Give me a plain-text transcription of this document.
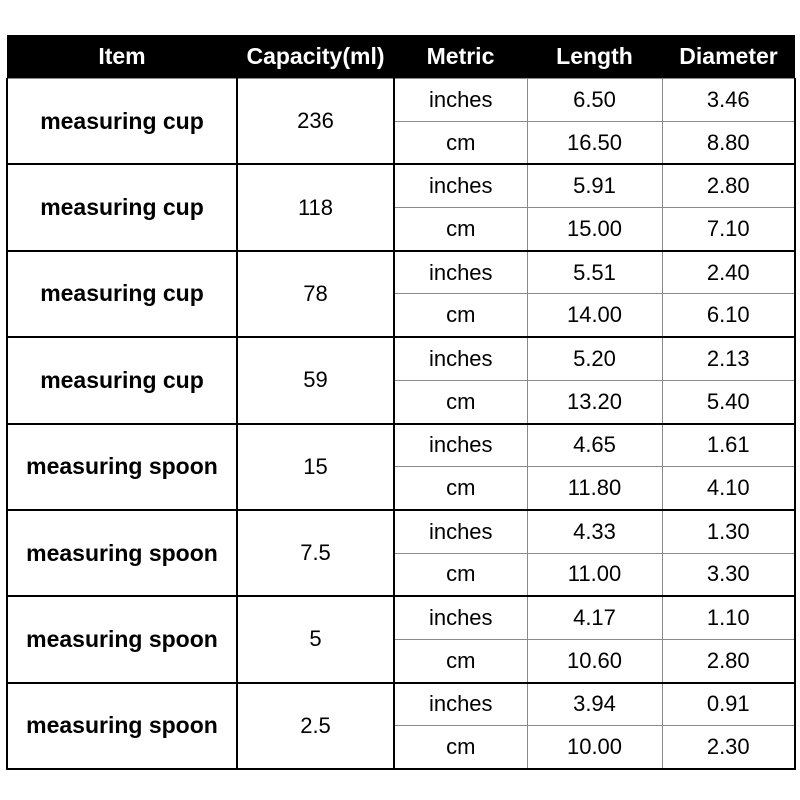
Item	Capacity(ml)	Metric	Length	Diameter
measuring cup	236	inches	6.50	3.46
		cm	16.50	8.80
measuring cup	118	inches	5.91	2.80
		cm	15.00	7.10
measuring cup	78	inches	5.51	2.40
		cm	14.00	6.10
measuring cup	59	inches	5.20	2.13
		cm	13.20	5.40
measuring spoon	15	inches	4.65	1.61
		cm	11.80	4.10
measuring spoon	7.5	inches	4.33	1.30
		cm	11.00	3.30
measuring spoon	5	inches	4.17	1.10
		cm	10.60	2.80
measuring spoon	2.5	inches	3.94	0.91
		cm	10.00	2.30
